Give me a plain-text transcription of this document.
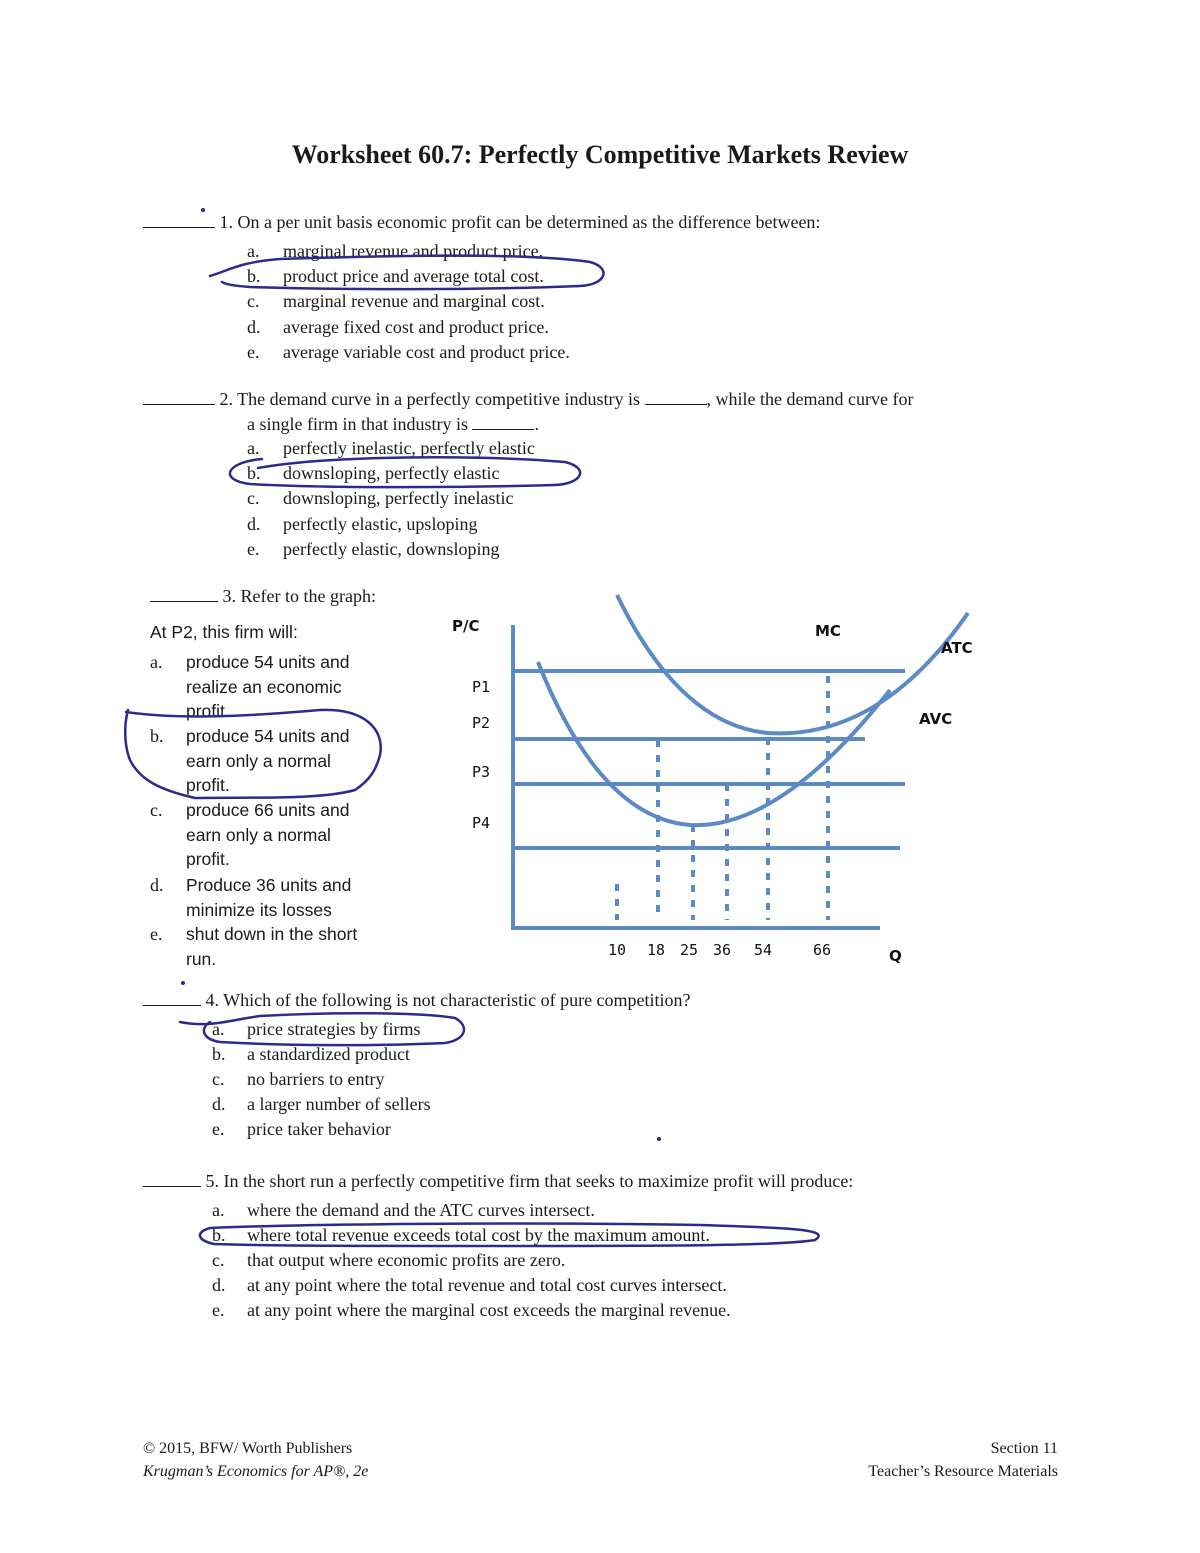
Worksheet 60.7: Perfectly Competitive Markets Review
1. On a per unit basis economic profit can be determined as the difference between:
a. marginal revenue and product price.
b. product price and average total cost.
c. marginal revenue and marginal cost.
d. average fixed cost and product price.
e. average variable cost and product price.
2. The demand curve in a perfectly competitive industry is	, while the demand curve for
a single firm in that industry is	.
a. perfectly inelastic, perfectly elastic
b. downsloping, perfectly elastic
c. downsloping, perfectly inelastic
d. perfectly elastic, upsloping
e. perfectly elastic, downsloping
3. Refer to the graph:
At P2, this firm will:
a. produce 54 units and realize an economic profit.
b. produce 54 units and earn only a normal profit.
c. produce 66 units and earn only a normal profit.
d. Produce 36 units and minimize its losses
e. shut down in the short run.
P/C
Q
P1
P2
P3
P4
10 18 25 36 54	66
MC
ATC
AVC
4. Which of the following is not characteristic of pure competition?
a. price strategies by firms
b. a standardized product
c. no barriers to entry
d. a larger number of sellers
e. price taker behavior
5. In the short run a perfectly competitive firm that seeks to maximize profit will produce:
a. where the demand and the ATC curves intersect.
b. where total revenue exceeds total cost by the maximum amount.
c. that output where economic profits are zero.
d. at any point where the total revenue and total cost curves intersect.
e. at any point where the marginal cost exceeds the marginal revenue.
© 2015, BFW/ Worth Publishers
Krugman’s Economics for AP®, 2e
Section 11
Teacher’s Resource Materials
